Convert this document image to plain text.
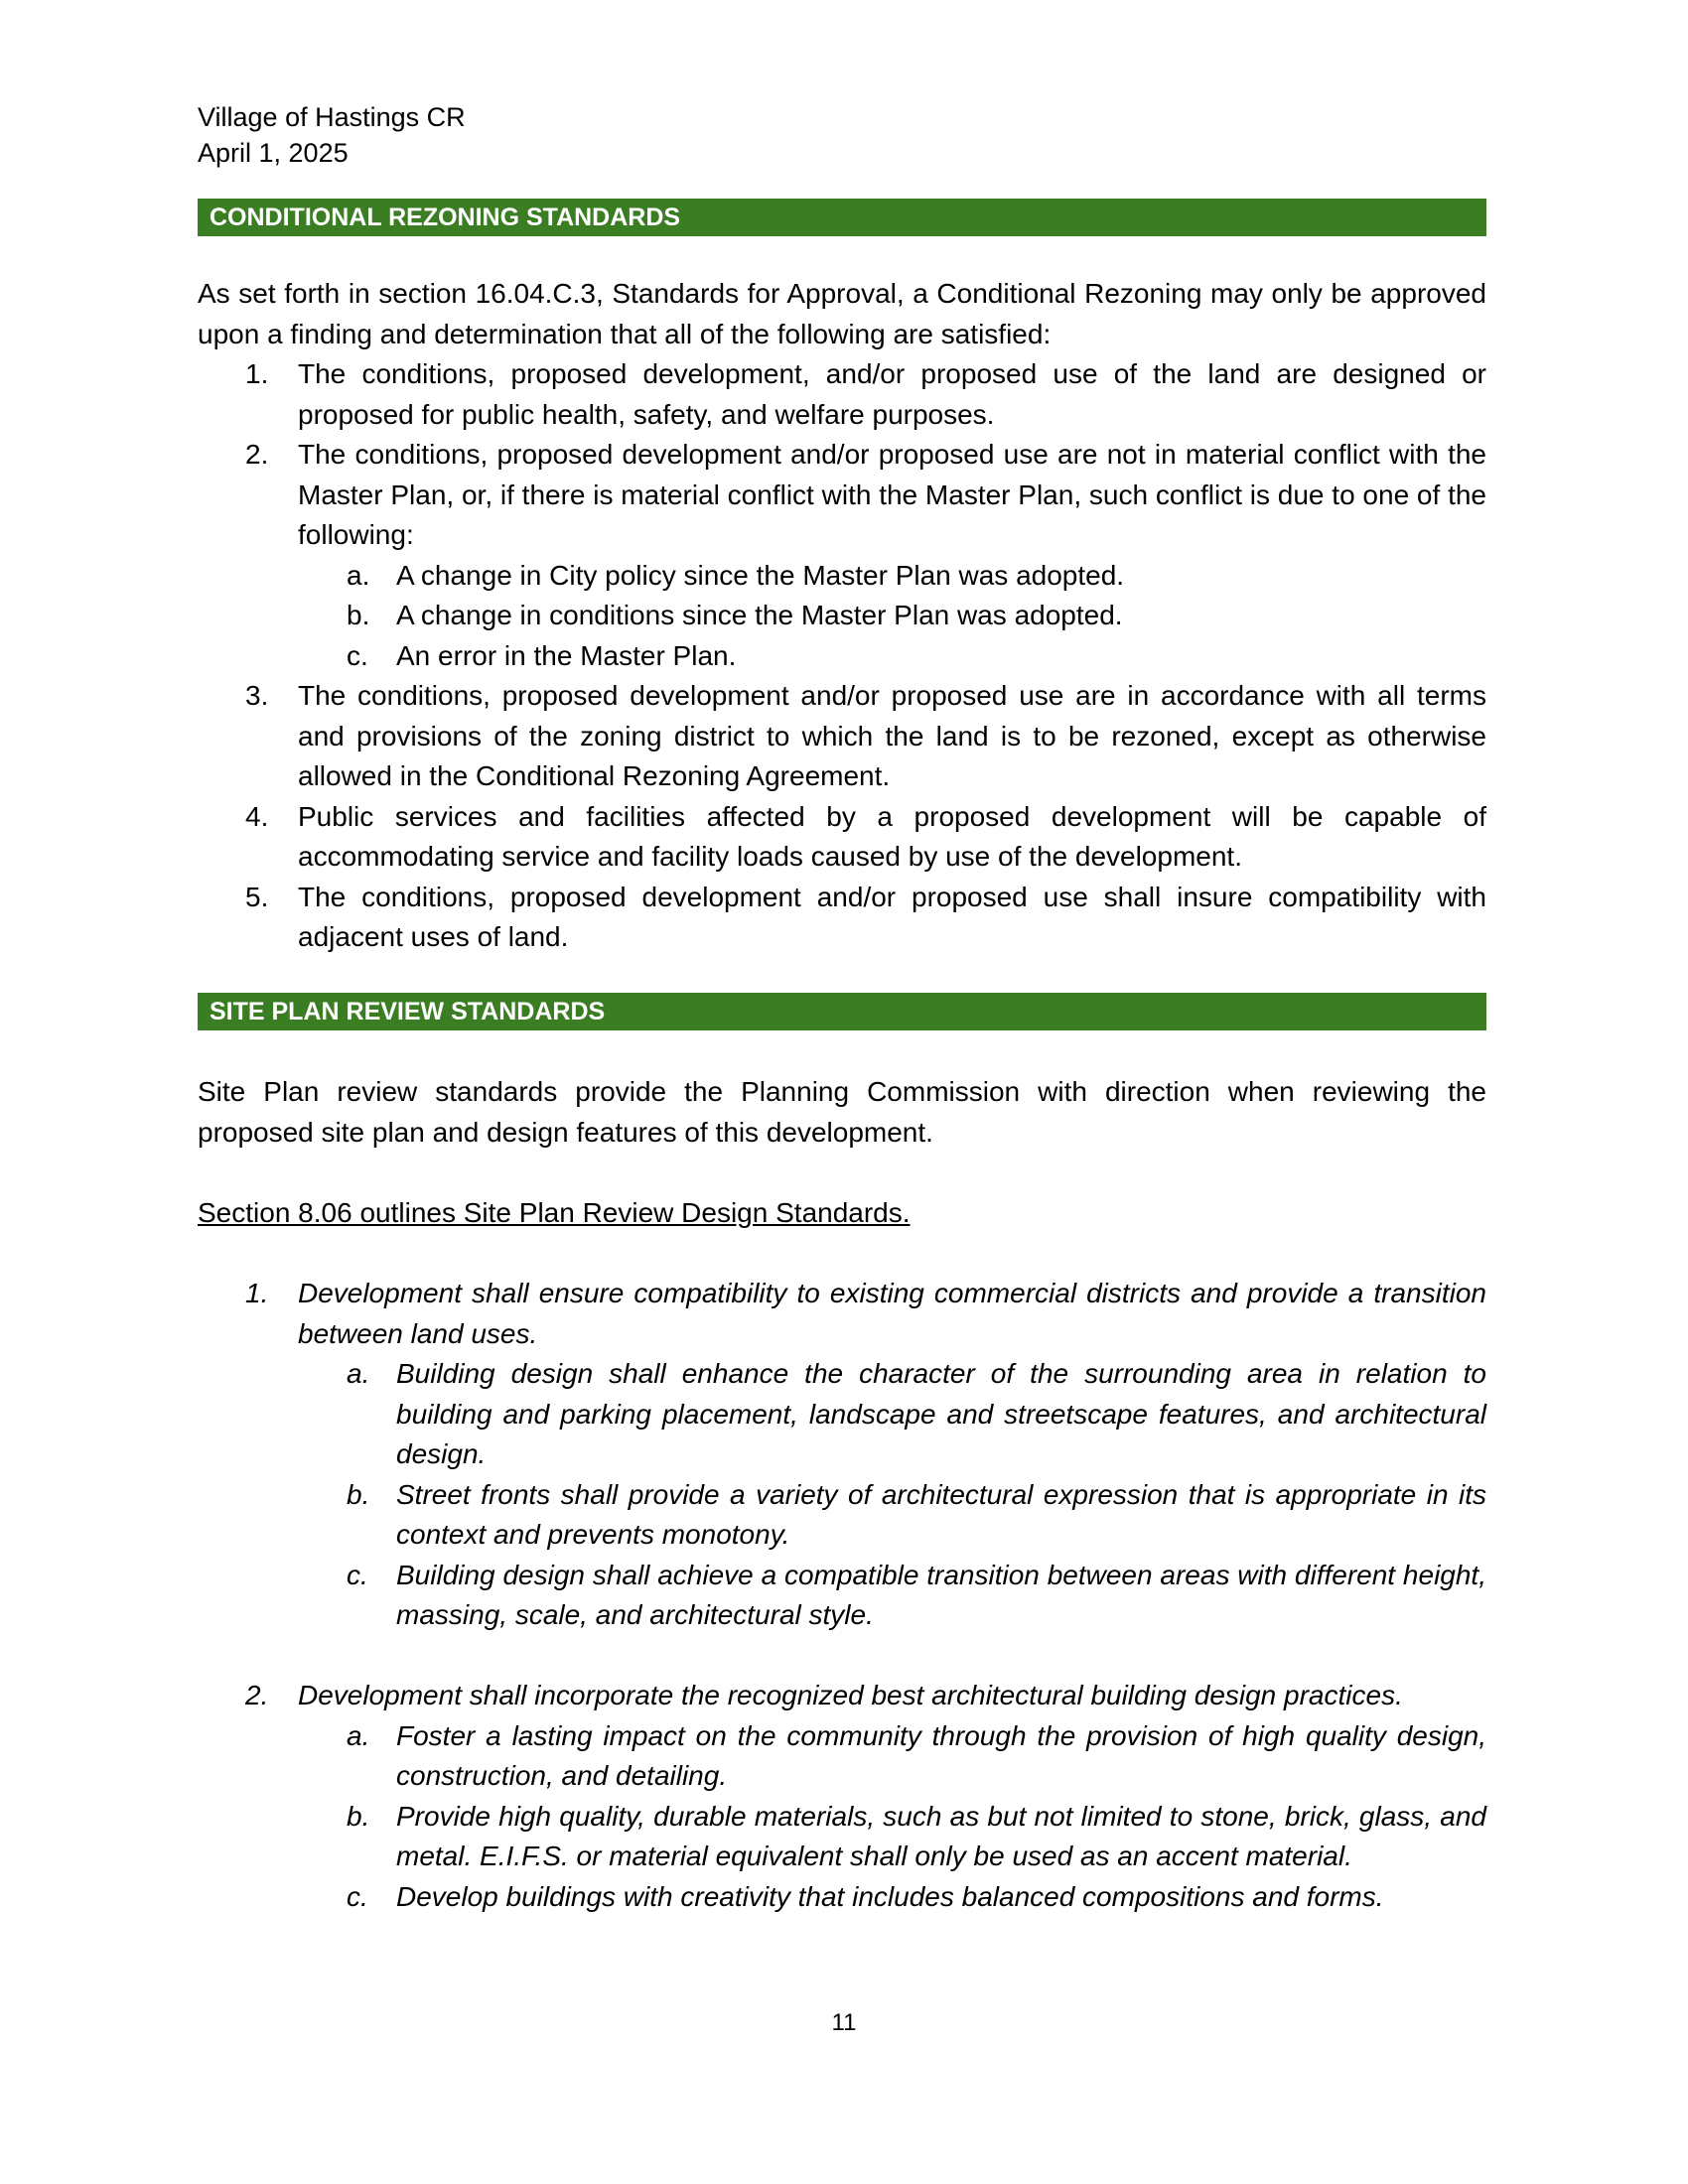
Village of Hastings CR
April 1, 2025
CONDITIONAL REZONING STANDARDS
As set forth in section 16.04.C.3, Standards for Approval, a Conditional Rezoning may only be approved upon a finding and determination that all of the following are satisfied:
1.	The conditions, proposed development, and/or proposed use of the land are designed or proposed for public health, safety, and welfare purposes.
2.	The conditions, proposed development and/or proposed use are not in material conflict with the Master Plan, or, if there is material conflict with the Master Plan, such conflict is due to one of the following:
a. A change in City policy since the Master Plan was adopted.
b. A change in conditions since the Master Plan was adopted.
c.	An error in the Master Plan.
3.	The conditions, proposed development and/or proposed use are in accordance with all terms and provisions of the zoning district to which the land is to be rezoned, except as otherwise allowed in the Conditional Rezoning Agreement.
4.	Public services and facilities affected by a proposed development will be capable of accommodating service and facility loads caused by use of the development.
5.	The conditions, proposed development and/or proposed use shall insure compatibility with adjacent uses of land.
SITE PLAN REVIEW STANDARDS
Site Plan review standards provide the Planning Commission with direction when reviewing the proposed site plan and design features of this development.
Section 8.06 outlines Site Plan Review Design Standards.
1.	Development shall ensure compatibility to existing commercial districts and provide a transition between land uses.
a. Building design shall enhance the character of the surrounding area in relation to building and parking placement, landscape and streetscape features, and architectural design.
b. Street fronts shall provide a variety of architectural expression that is appropriate in its context and prevents monotony.
c.	Building design shall achieve a compatible transition between areas with different height, massing, scale, and architectural style.
2.	Development shall incorporate the recognized best architectural building design practices.
a. Foster a lasting impact on the community through the provision of high quality design, construction, and detailing.
b. Provide high quality, durable materials, such as but not limited to stone, brick, glass, and metal. E.I.F.S. or material equivalent shall only be used as an accent material.
c.	Develop buildings with creativity that includes balanced compositions and forms.
11
